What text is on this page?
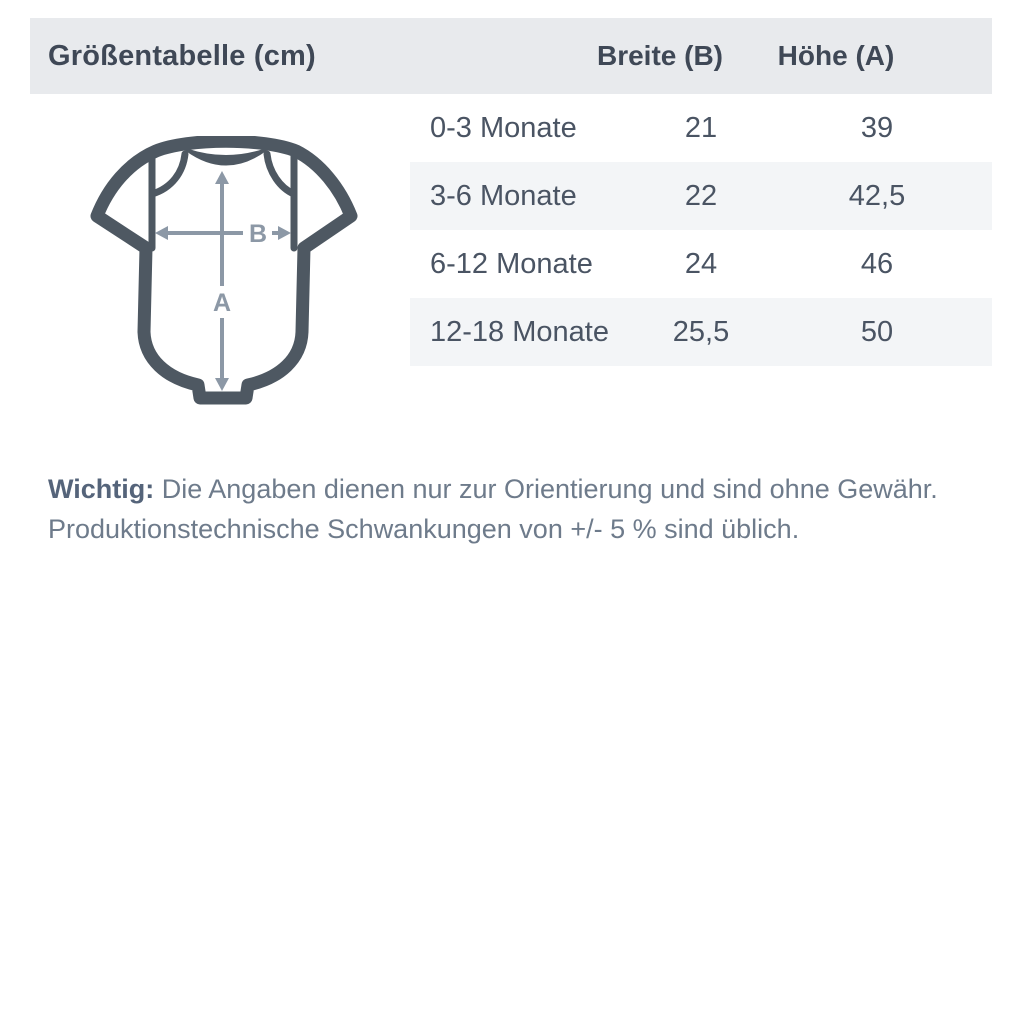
Größentabelle (cm)	Breite (B)	Höhe (A)
B
A
0-3 Monate	21	39
3-6 Monate	22	42,5
6-12 Monate	24	46
12-18 Monate	25,5	50

Wichtig: Die Angaben dienen nur zur Orientierung und sind ohne Gewähr.
Produktionstechnische Schwankungen von +/- 5 % sind üblich.
